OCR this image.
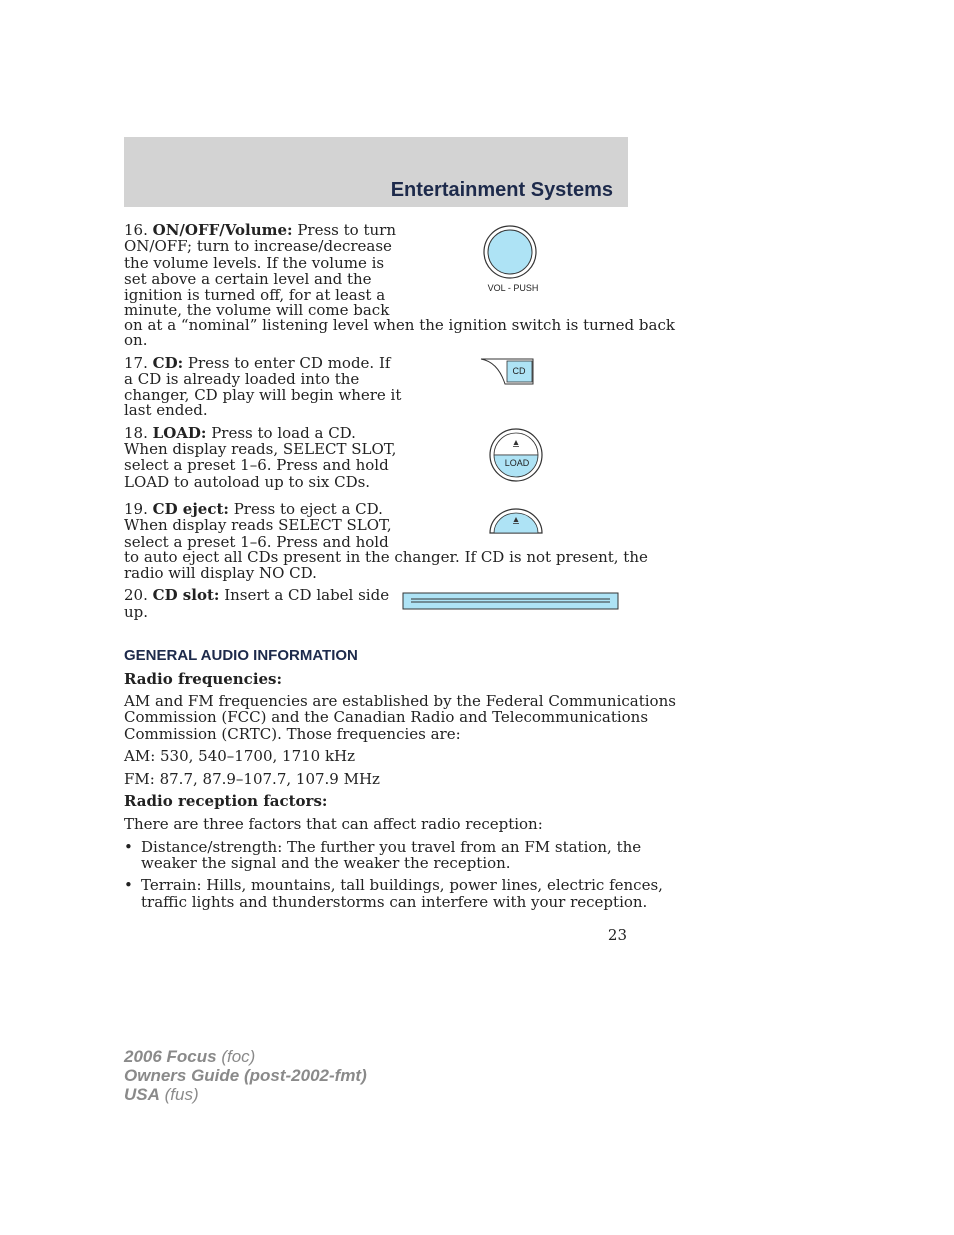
Entertainment Systems
16. ON/OFF/Volume: Press to turn
ON/OFF; turn to increase/decrease
the volume levels. If the volume is
set above a certain level and the
ignition is turned off, for at least a
minute, the volume will come back
on at a “nominal” listening level when the ignition switch is turned back
on.
VOL - PUSH
17. CD: Press to enter CD mode. If
a CD is already loaded into the
changer, CD play will begin where it
last ended.
CD
18. LOAD: Press to load a CD.
When display reads, SELECT SLOT,
select a preset 1–6. Press and hold
LOAD to autoload up to six CDs.
LOAD
19. CD eject: Press to eject a CD.
When display reads SELECT SLOT,
select a preset 1–6. Press and hold
to auto eject all CDs present in the changer. If CD is not present, the
radio will display NO CD.
20. CD slot: Insert a CD label side
up.
GENERAL AUDIO INFORMATION
Radio frequencies:
AM and FM frequencies are established by the Federal Communications
Commission (FCC) and the Canadian Radio and Telecommunications
Commission (CRTC). Those frequencies are:
AM: 530, 540–1700, 1710 kHz
FM: 87.7, 87.9–107.7, 107.9 MHz
Radio reception factors:
There are three factors that can affect radio reception:
• Distance/strength: The further you travel from an FM station, the
weaker the signal and the weaker the reception.
• Terrain: Hills, mountains, tall buildings, power lines, electric fences,
traffic lights and thunderstorms can interfere with your reception.
23
2006 Focus (foc)
Owners Guide (post-2002-fmt)
USA (fus)
